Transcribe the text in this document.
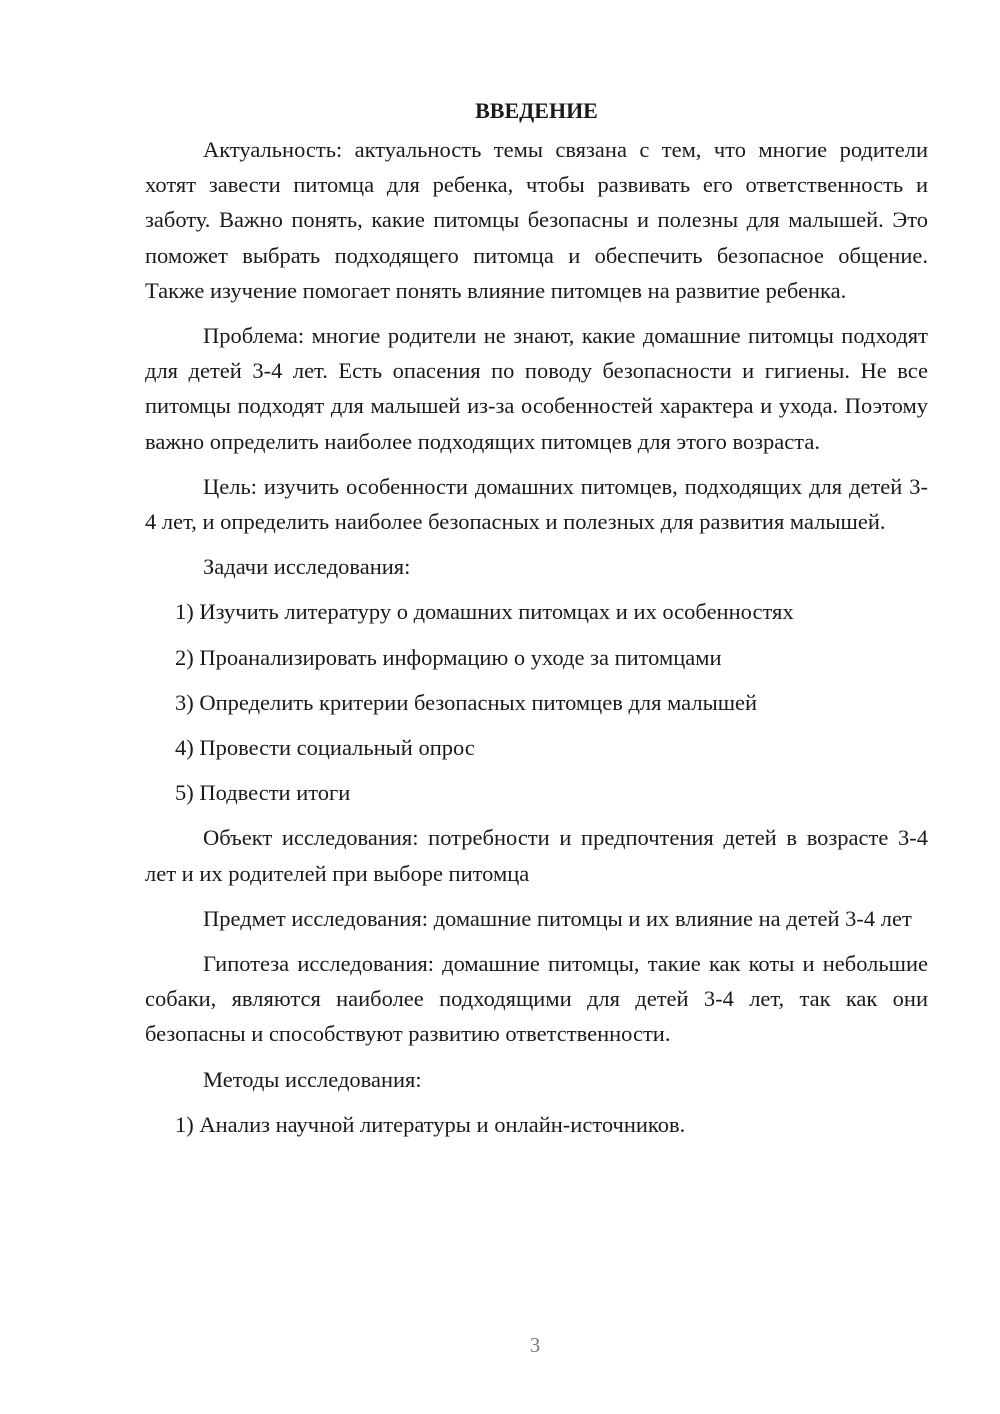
ВВЕДЕНИЕ

Актуальность: актуальность темы связана с тем, что многие родители хотят завести питомца для ребенка, чтобы развивать его ответственность и заботу. Важно понять, какие питомцы безопасны и полезны для малышей. Это поможет выбрать подходящего питомца и обеспечить безопасное общение. Также изучение помогает понять влияние питомцев на развитие ребенка.

Проблема: многие родители не знают, какие домашние питомцы подходят для детей 3-4 лет. Есть опасения по поводу безопасности и гигиены. Не все питомцы подходят для малышей из-за особенностей характера и ухода. Поэтому важно определить наиболее подходящих питомцев для этого возраста.

Цель: изучить особенности домашних питомцев, подходящих для детей 3-4 лет, и определить наиболее безопасных и полезных для развития малышей.

Задачи исследования:

1) Изучить литературу о домашних питомцах и их особенностях
2) Проанализировать информацию о уходе за питомцами
3) Определить критерии безопасных питомцев для малышей
4) Провести социальный опрос
5) Подвести итоги

Объект исследования: потребности и предпочтения детей в возрасте 3-4 лет и их родителей при выборе питомца

Предмет исследования: домашние питомцы и их влияние на детей 3-4 лет

Гипотеза исследования: домашние питомцы, такие как коты и небольшие собаки, являются наиболее подходящими для детей 3-4 лет, так как они безопасны и способствуют развитию ответственности.

Методы исследования:

1) Анализ научной литературы и онлайн-источников.
3
